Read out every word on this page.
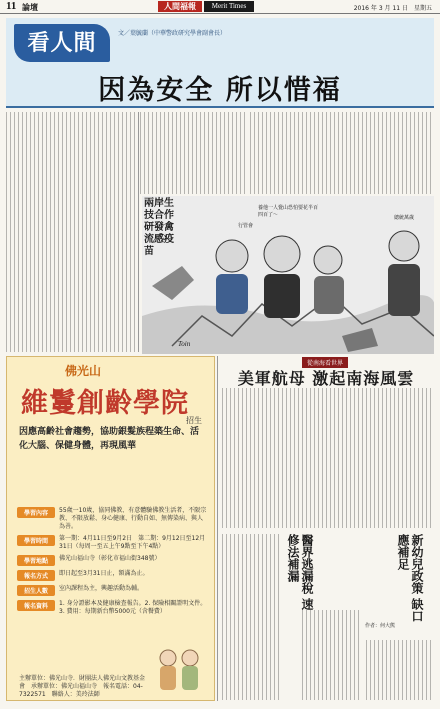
11 論壇	人間福報	Merit Times	2016 年 3 月 11 日　星期五
看人間	文／葉毓蘭（中華警政研究學會副會長）
因為安全 所以惜福
兩岸生技合作
研發禽流感疫苗
養他一人覺山恐怕要花半百四百了～
行管會
總統萬歲
Toin
佛光山
維鬘創齡學院
招生
因應高齡社會趨勢，協助銀髮族程築生命、活化大腦、保健身體，再現風華
學習內容	55歲一10歲，協同佛教、有意體驗佛教生活者，不限宗教、不限放鬆、身心健康、行動自如、無傳染病、與人為善。
學習時間	第一期：4月11日至9月2日　第二期：9月12日至12月31日（每周一至五上午9點至下午4點）
學習地點	佛光山福山寺（彰化市福山街348號）
報名方式	即日起至3月31日止，額滿為止。
招生人數	室內課程為主，興趣活動為輔。
報名資料	1. 身分證影本及健康檢查報告。2. 保險相關證明文件。3. 費用：每期新台幣5000元（含餐費）
主辦單位：佛光山寺．財團法人佛光山文教基金會　承辦單位：佛光山福山寺　報名電話：04-7322571　聯絡人：美玲法師
從南海看世界
美軍航母 激起南海風雲
醫界逃漏稅 速修法補漏	新幼兒政策 缺口應補足
作者：何大熊
